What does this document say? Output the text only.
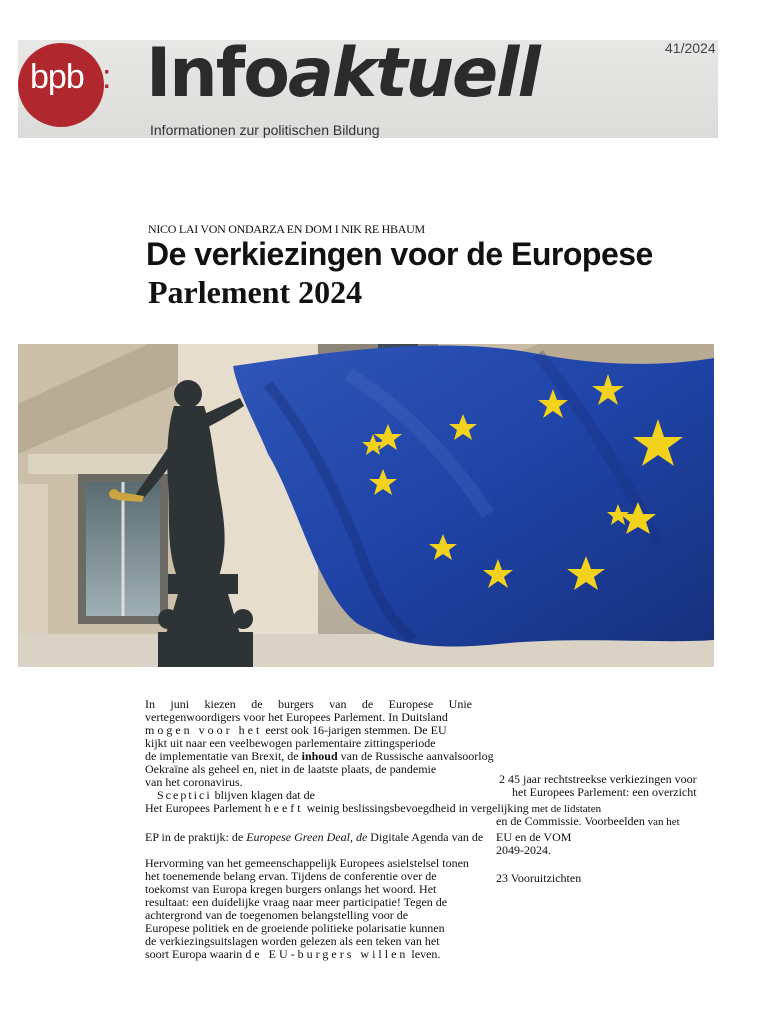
bpb : Infoaktuell
Informationen zur politischen Bildung
41/2024
NICO LAI VON ONDARZA EN DOM I NIK RE HBAUM
De verkiezingen voor de Europese
Parlement 2024
In juni kiezen de burgers van de Europese Unie
vertegenwoordigers voor het Europees Parlement. In Duitsland
mogen voor het eerst ook 16-jarigen stemmen. De EU
kijkt uit naar een veelbewogen parlementaire zittingsperiode
de implementatie van Brexit, de inhoud van de Russische aanvalsoorlog
Oekraïne als geheel en, niet in de laatste plaats, de pandemie
van het coronavirus.
Sceptici blijven klagen dat de
Het Europees Parlement heeft weinig beslissingsbevoegdheid in vergelijking met de lidstaten
en de Commissie. Voorbeelden van het
EP in de praktijk: de Europese Green Deal, de Digitale Agenda van de EU en de VOM
2049-2024.
Hervorming van het gemeenschappelijk Europees asielstelsel tonen
het toenemende belang ervan. Tijdens de conferentie over de
toekomst van Europa kregen burgers onlangs het woord. Het
resultaat: een duidelijke vraag naar meer participatie! Tegen de
achtergrond van de toegenomen belangstelling voor de
Europese politiek en de groeiende politieke polarisatie kunnen
de verkiezingsuitslagen worden gelezen als een teken van het
soort Europa waarin de EU-burgers willen leven.
2 45 jaar rechtstreekse verkiezingen voor
het Europees Parlement: een overzicht
23 Vooruitzichten
